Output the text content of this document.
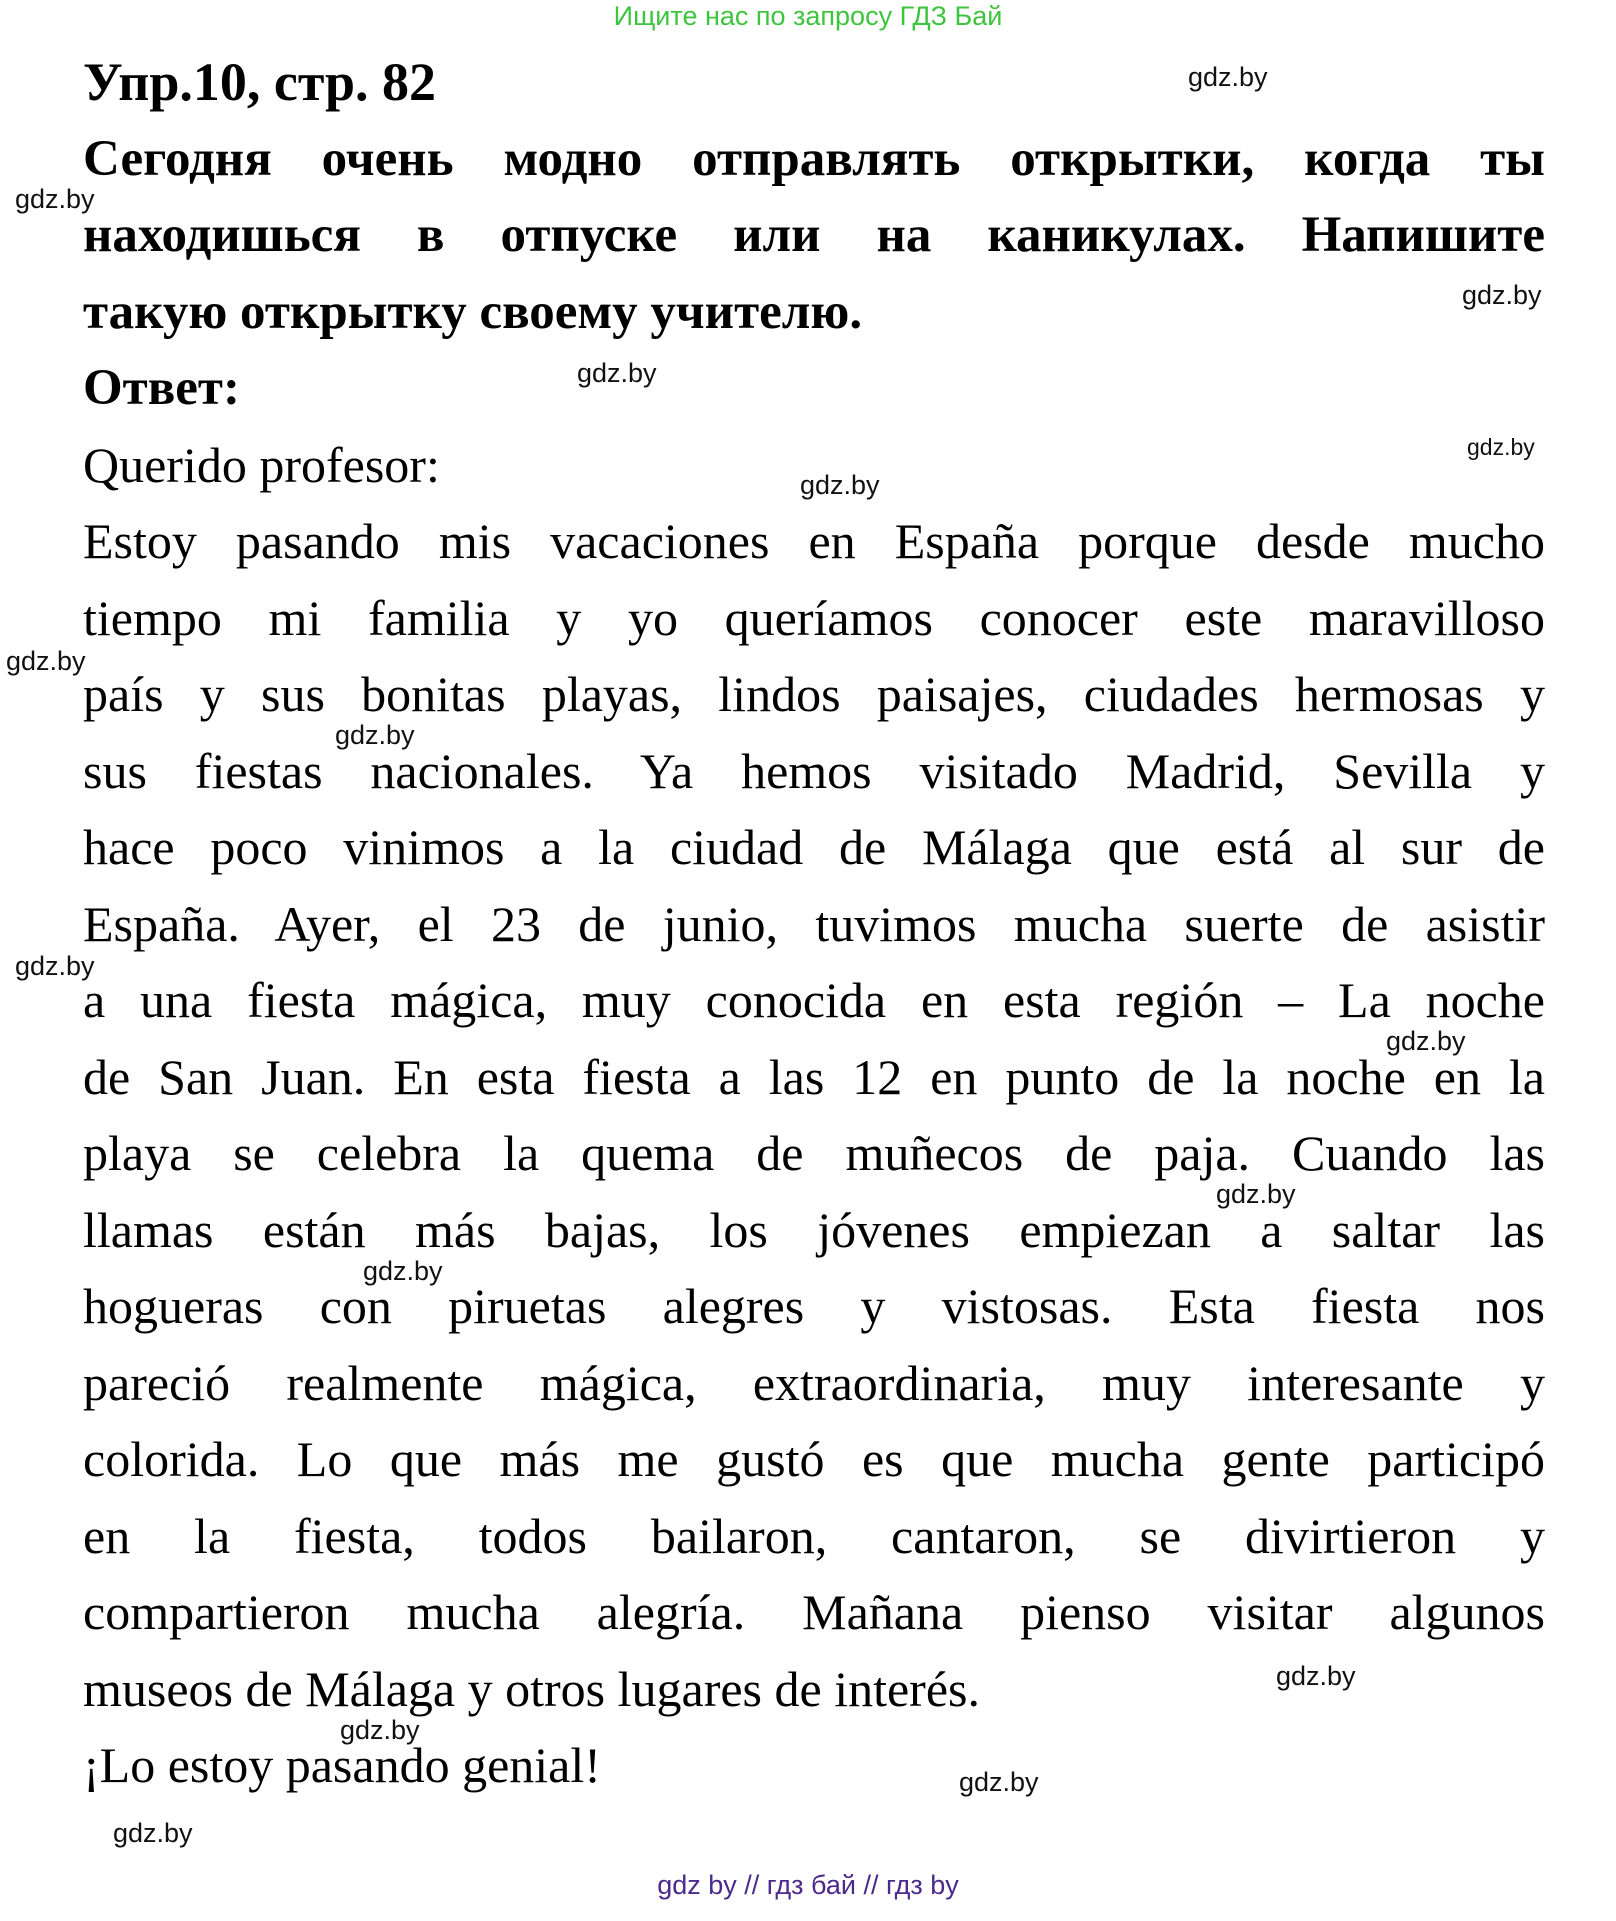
Ищите нас по запросу ГДЗ Бай
Упр.10, стр. 82
Сегодня очень модно отправлять открытки, когда ты
находишься в отпуске или на каникулах. Напишите
такую открытку своему учителю.
Ответ:
Querido profesor:
Estoy pasando mis vacaciones en España porque desde mucho
tiempo mi familia y yo queríamos conocer este maravilloso
país y sus bonitas playas, lindos paisajes, ciudades hermosas y
sus fiestas nacionales. Ya hemos visitado Madrid, Sevilla y
hace poco vinimos a la ciudad de Málaga que está al sur de
España. Ayer, el 23 de junio, tuvimos mucha suerte de asistir
a una fiesta mágica, muy conocida en esta región – La noche
de San Juan. En esta fiesta a las 12 en punto de la noche en la
playa se celebra la quema de muñecos de paja. Cuando las
llamas están más bajas, los jóvenes empiezan a saltar las
hogueras con piruetas alegres y vistosas. Esta fiesta nos
pareció realmente mágica, extraordinaria, muy interesante y
colorida. Lo que más me gustó es que mucha gente participó
en la fiesta, todos bailaron, cantaron, se divirtieron y
compartieron mucha alegría. Mañana pienso visitar algunos
museos de Málaga y otros lugares de interés.
¡Lo estoy pasando genial!
gdz.by
gdz.by
gdz.by
gdz.by
gdz.by
gdz.by
gdz.by
gdz.by
gdz.by
gdz.by
gdz.by
gdz.by
gdz.by
gdz.by
gdz.by
gdz.by
gdz by // гдз бай // гдз by
